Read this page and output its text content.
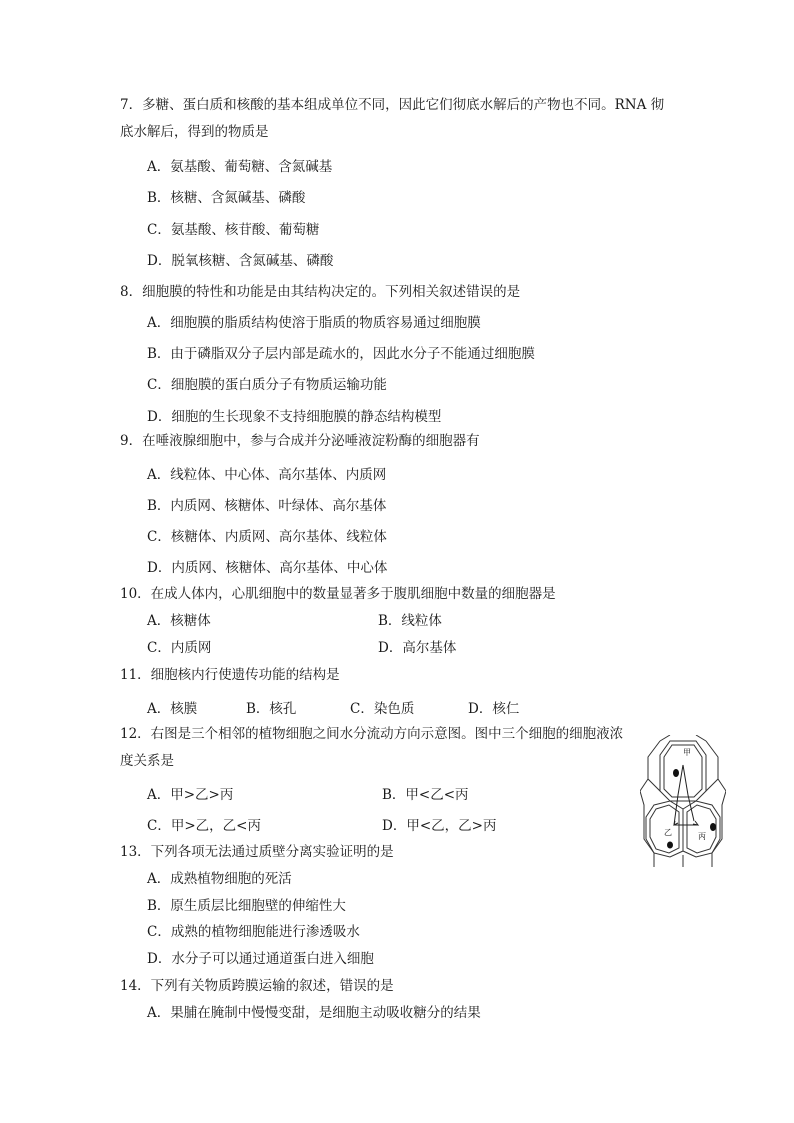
7．多糖、蛋白质和核酸的基本组成单位不同，因此它们彻底水解后的产物也不同。RNA 彻
底水解后，得到的物质是
A．氨基酸、葡萄糖、含氮碱基
B．核糖、含氮碱基、磷酸
C．氨基酸、核苷酸、葡萄糖
D．脱氧核糖、含氮碱基、磷酸
8．细胞膜的特性和功能是由其结构决定的。下列相关叙述错误的是
A．细胞膜的脂质结构使溶于脂质的物质容易通过细胞膜
B．由于磷脂双分子层内部是疏水的，因此水分子不能通过细胞膜
C．细胞膜的蛋白质分子有物质运输功能
D．细胞的生长现象不支持细胞膜的静态结构模型
9．在唾液腺细胞中，参与合成并分泌唾液淀粉酶的细胞器有
A．线粒体、中心体、高尔基体、内质网
B．内质网、核糖体、叶绿体、高尔基体
C．核糖体、内质网、高尔基体、线粒体
D．内质网、核糖体、高尔基体、中心体
10．在成人体内，心肌细胞中的数量显著多于腹肌细胞中数量的细胞器是
A．核糖体	B．线粒体
C．内质网	D．高尔基体
11．细胞核内行使遗传功能的结构是
A．核膜	B．核孔	C．染色质	D．核仁
12．右图是三个相邻的植物细胞之间水分流动方向示意图。图中三个细胞的细胞液浓
度关系是
A．甲>乙>丙	B．甲<乙<丙
C．甲>乙，乙<丙	D．甲<乙，乙>丙
甲
乙	丙
13．下列各项无法通过质壁分离实验证明的是
A．成熟植物细胞的死活
B．原生质层比细胞壁的伸缩性大
C．成熟的植物细胞能进行渗透吸水
D．水分子可以通过通道蛋白进入细胞
14．下列有关物质跨膜运输的叙述，错误的是
A．果脯在腌制中慢慢变甜，是细胞主动吸收糖分的结果
